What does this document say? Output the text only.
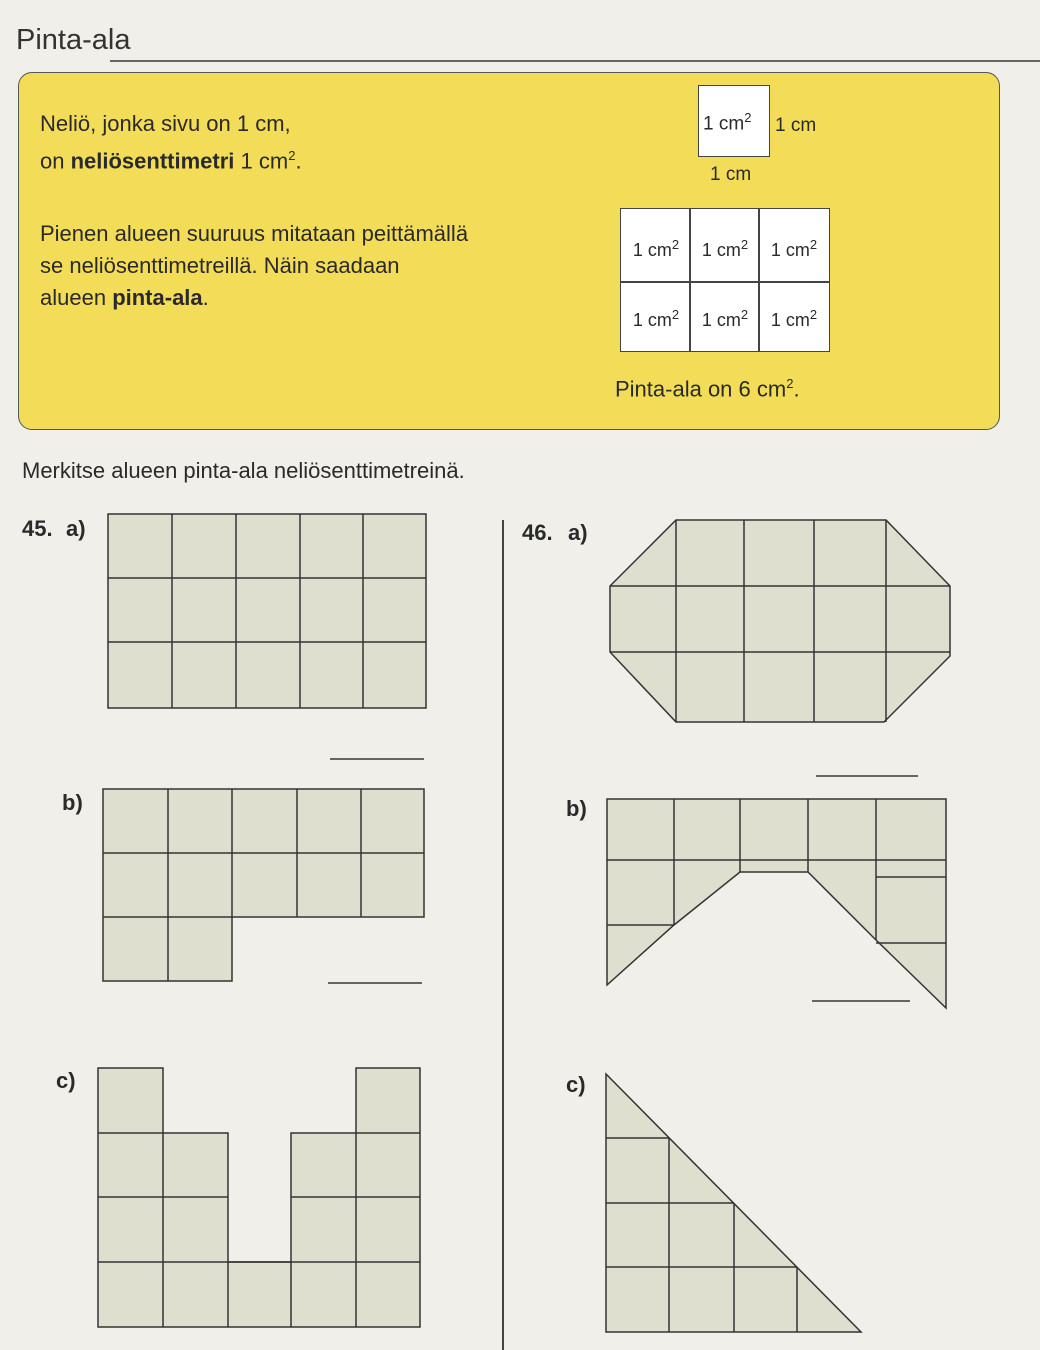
Pinta-ala
Neliö, jonka sivu on 1 cm,
on neliösenttimetri 1 $cm^2$.
Pienen alueen suuruus mitataan peittämällä
se neliösenttimetreillä. Näin saadaan
alueen pinta-ala.
1 $cm^2$ 1 cm
1 cm
1 $cm^2$	1 $cm^2$	1 $cm^2$
1 $cm^2$	1 $cm^2$	1 $cm^2$
Pinta-ala on 6 $cm^2$.
Merkitse alueen pinta-ala neliösenttimetreinä.
45. a)
b)
c)
46. a)
b)
c)
